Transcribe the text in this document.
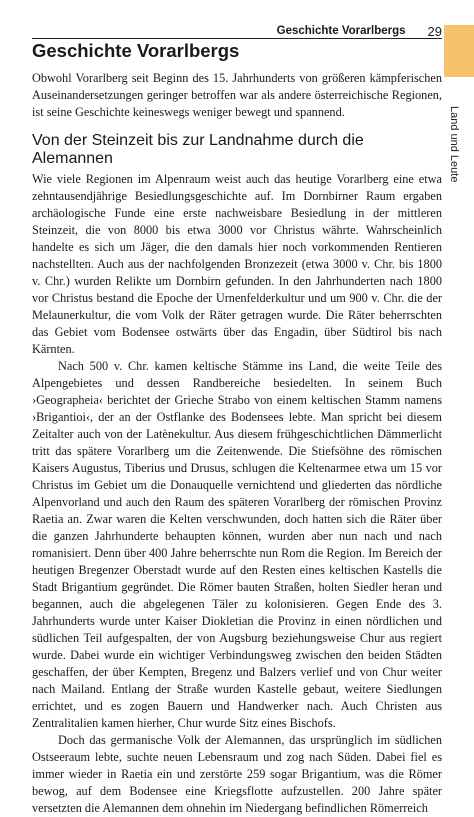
Geschichte Vorarlbergs 29
Land und Leute
Geschichte Vorarlbergs

Obwohl Vorarlberg seit Beginn des 15. Jahrhunderts von größeren kämpferischen Auseinandersetzungen geringer betroffen war als andere österreichische Regionen, ist seine Geschichte keineswegs weniger bewegt und spannend.

Von der Steinzeit bis zur Landnahme durch die Alemannen

Wie viele Regionen im Alpenraum weist auch das heutige Vorarlberg eine etwa zehntausendjährige Besiedlungsgeschichte auf. Im Dornbirner Raum ergaben archäologische Funde eine erste nachweisbare Besiedlung in der mittleren Steinzeit, die von 8000 bis etwa 3000 vor Christus währte. Wahrscheinlich handelte es sich um Jäger, die den damals hier noch vorkommenden Rentieren nachstellten. Auch aus der nachfolgenden Bronzezeit (etwa 3000 v. Chr. bis 1800 v. Chr.) wurden Relikte um Dornbirn gefunden. In den Jahrhunderten nach 1800 vor Christus bestand die Epoche der Urnenfelderkultur und um 900 v. Chr. die der Melaunerkultur, die vom Volk der Räter getragen wurde. Die Räter beherrschten das Gebiet vom Bodensee ostwärts über das Engadin, über Südtirol bis nach Kärnten.

Nach 500 v. Chr. kamen keltische Stämme ins Land, die weite Teile des Alpengebietes und dessen Randbereiche besiedelten. In seinem Buch ›Geographeia‹ berichtet der Grieche Strabo von einem keltischen Stamm namens ›Brigantioi‹, der an der Ostflanke des Bodensees lebte. Man spricht bei diesem Zeitalter auch von der Latènekultur. Aus diesem frühgeschichtlichen Dämmerlicht tritt das spätere Vorarlberg um die Zeitenwende. Die Stiefsöhne des römischen Kaisers Augustus, Tiberius und Drusus, schlugen die Keltenarmee etwa um 15 vor Christus im Gebiet um die Donauquelle vernichtend und gliederten das nördliche Alpenvorland und auch den Raum des späteren Vorarlberg der römischen Provinz Raetia an. Zwar waren die Kelten verschwunden, doch hatten sich die Räter über die ganzen Jahrhunderte behaupten können, wurden aber nun nach und nach romanisiert. Denn über 400 Jahre beherrschte nun Rom die Region. Im Bereich der heutigen Bregenzer Oberstadt wurde auf den Resten eines keltischen Kastells die Stadt Brigantium gegründet. Die Römer bauten Straßen, holten Siedler heran und begannen, auch die abgelegenen Täler zu kolonisieren. Gegen Ende des 3. Jahrhunderts wurde unter Kaiser Diokletian die Provinz in einen nördlichen und südlichen Teil aufgespalten, der von Augsburg beziehungsweise Chur aus regiert wurde. Dabei wurde ein wichtiger Verbindungsweg zwischen den beiden Städten geschaffen, der über Kempten, Bregenz und Balzers verlief und von Chur weiter nach Mailand. Entlang der Straße wurden Kastelle gebaut, weitere Siedlungen errichtet, und es zogen Bauern und Handwerker nach. Auch Christen aus Zentralitalien kamen hierher, Chur wurde Sitz eines Bischofs.

Doch das germanische Volk der Alemannen, das ursprünglich im südlichen Ostseeraum lebte, suchte neuen Lebensraum und zog nach Süden. Dabei fiel es immer wieder in Raetia ein und zerstörte 259 sogar Brigantium, was die Römer bewog, auf dem Bodensee eine Kriegsflotte aufzustellen. 200 Jahre später versetzten die Alemannen dem ohnehin im Niedergang befindlichen Römerreich
